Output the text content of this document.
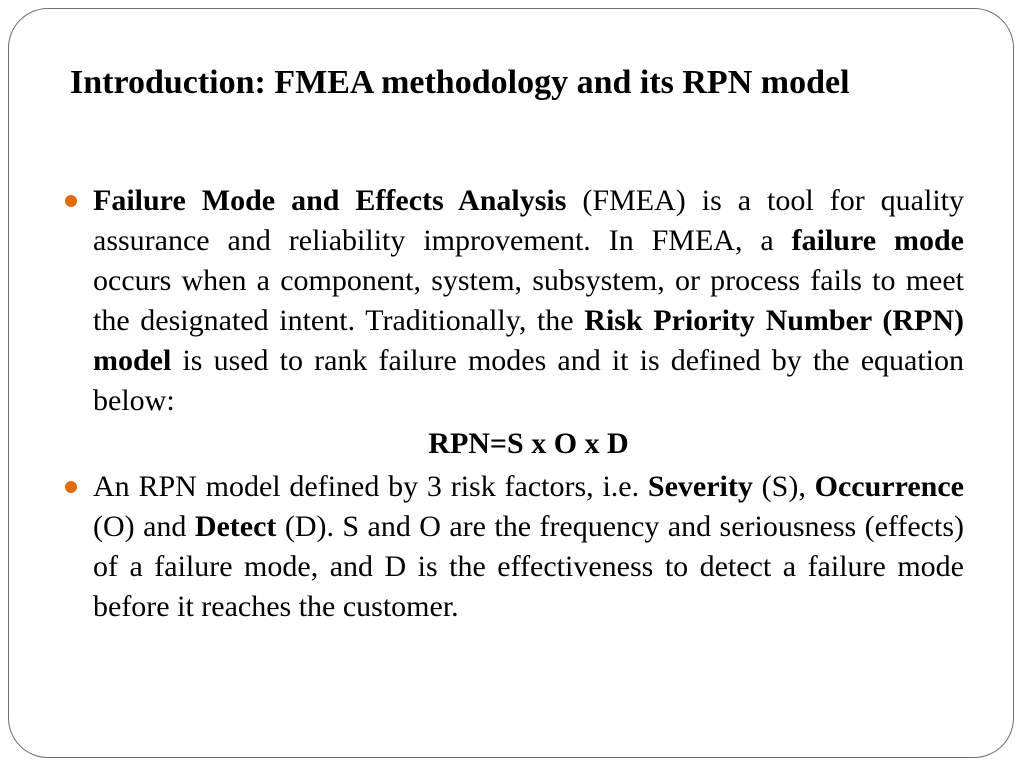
Introduction: FMEA methodology and its RPN model

Failure Mode and Effects Analysis (FMEA) is a tool for quality assurance and reliability improvement. In FMEA, a failure mode occurs when a component, system, subsystem, or process fails to meet the designated intent. Traditionally, the Risk Priority Number (RPN) model is used to rank failure modes and it is defined by the equation below:

RPN=S x O x D

An RPN model defined by 3 risk factors, i.e. Severity (S), Occurrence (O) and Detect (D). S and O are the frequency and seriousness (effects) of a failure mode, and D is the effectiveness to detect a failure mode before it reaches the customer.
